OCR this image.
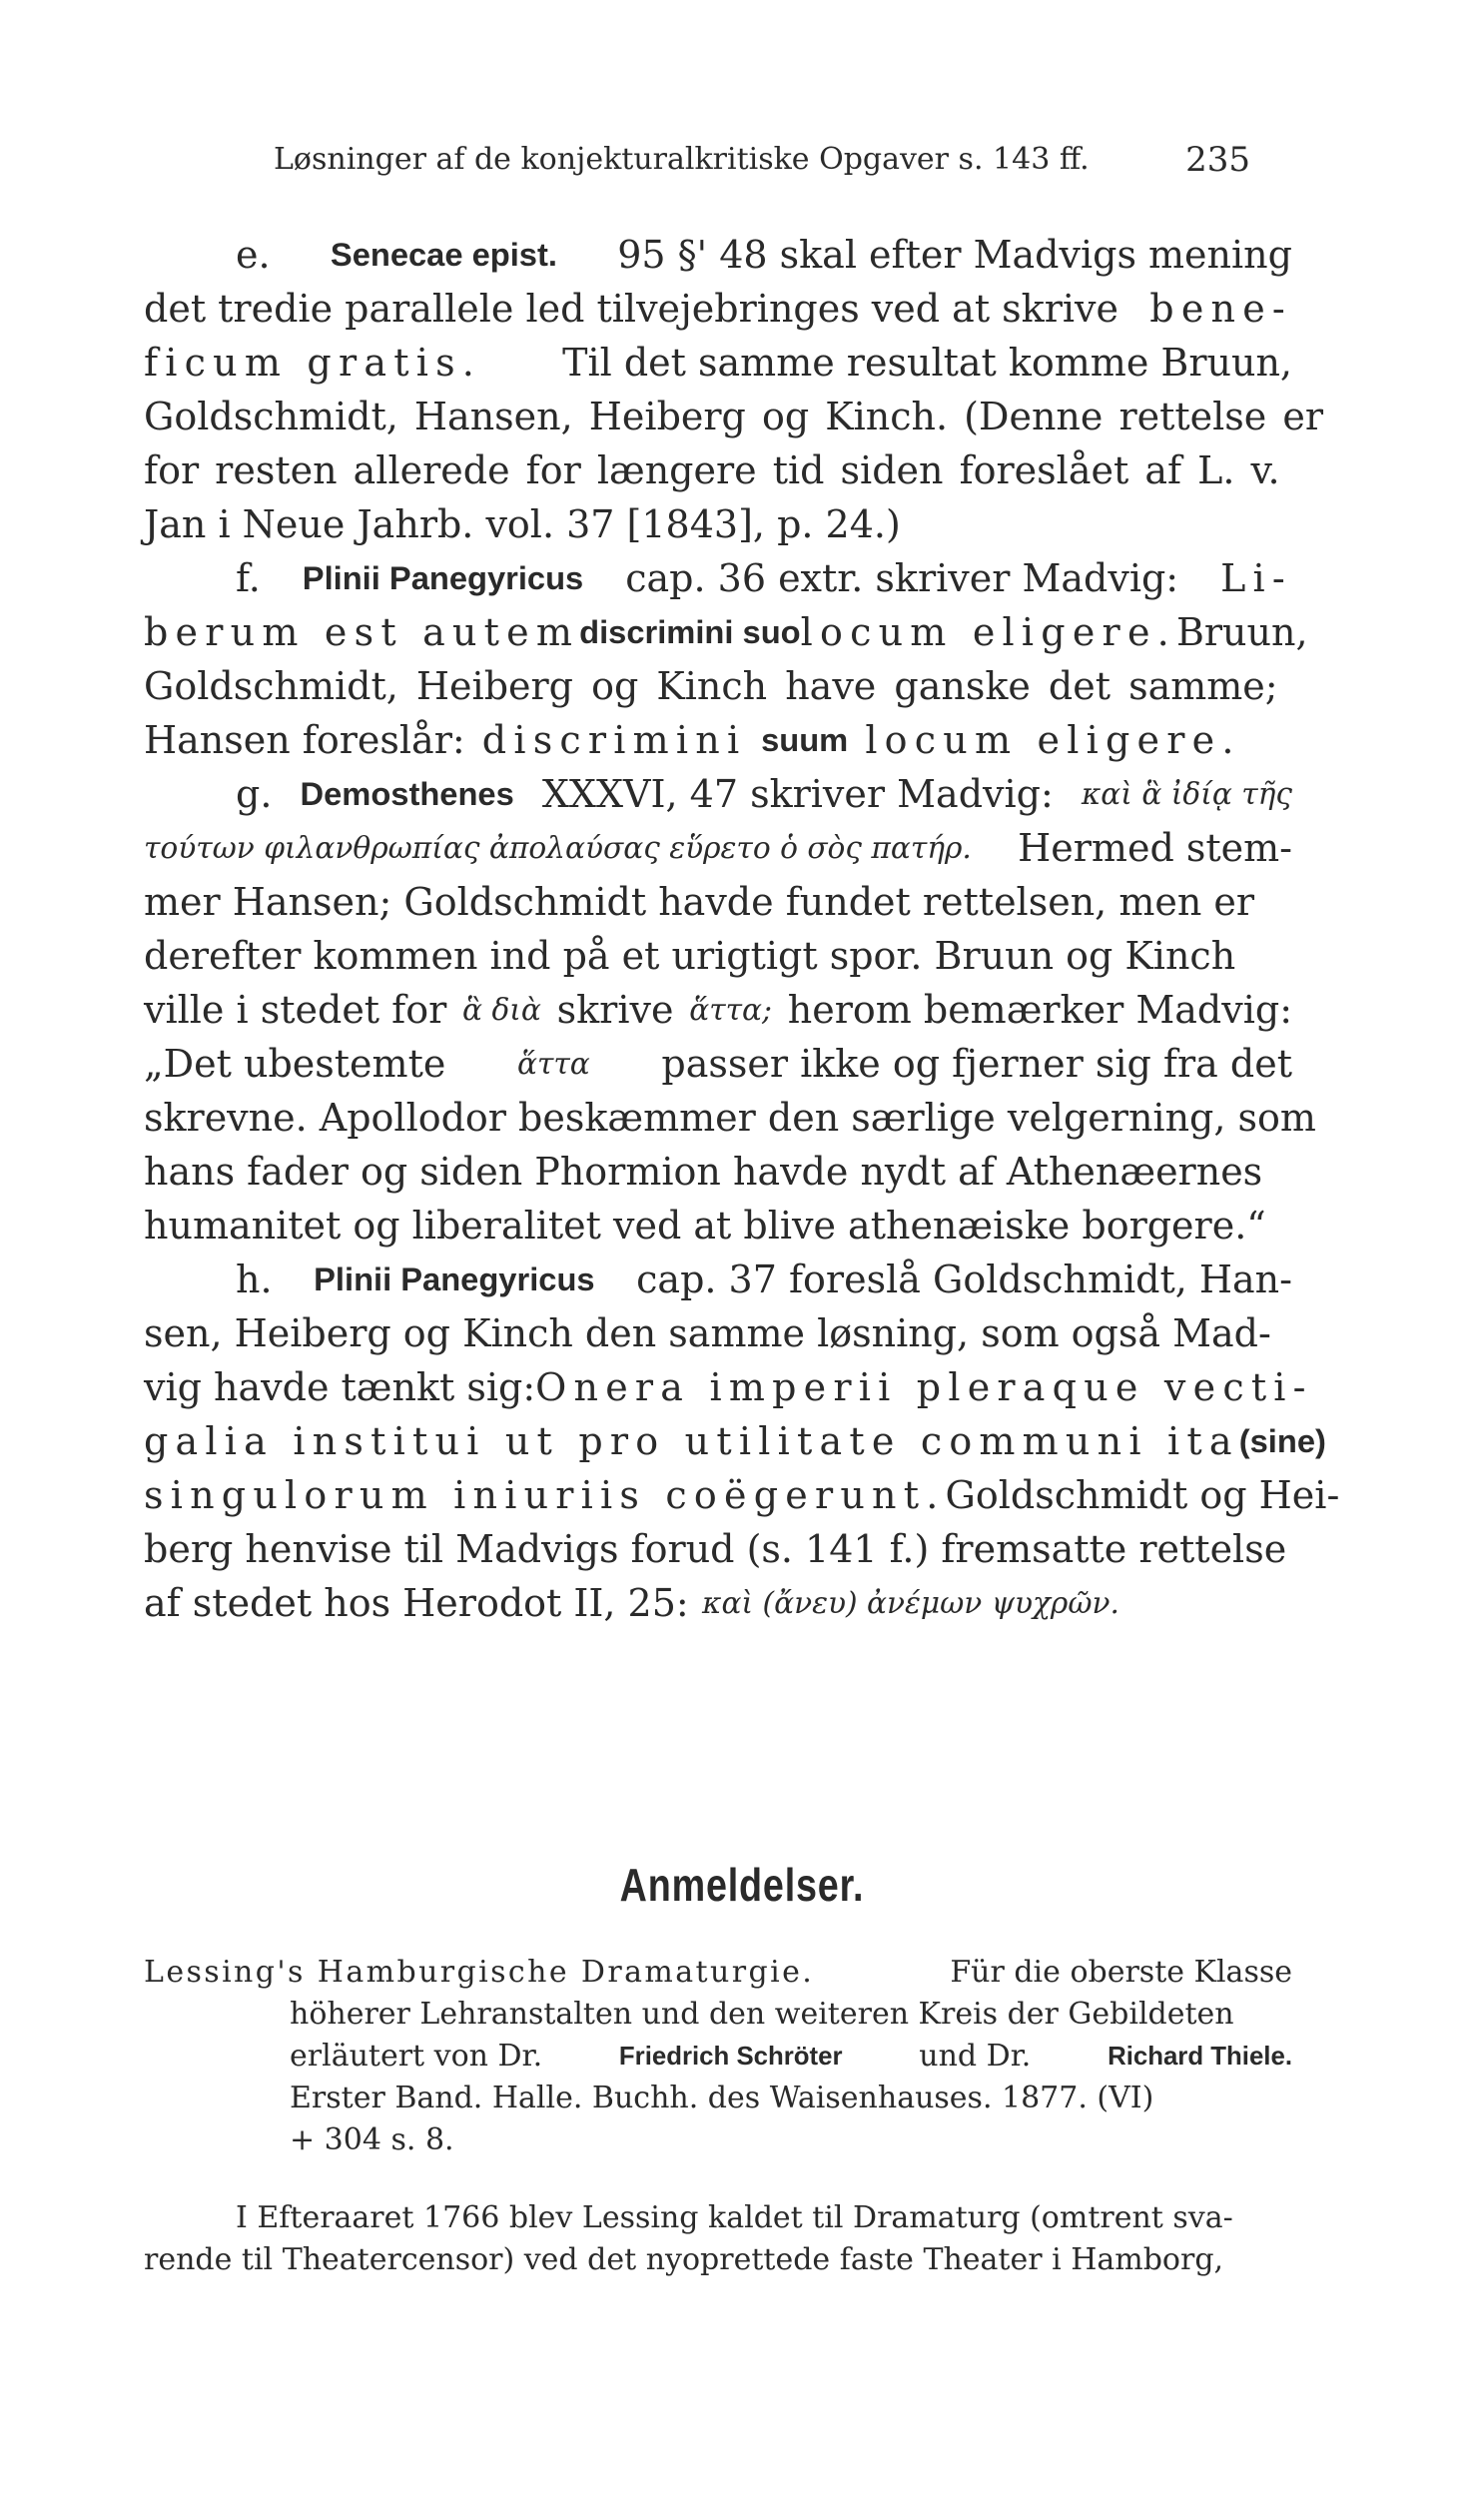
Løsninger af de konjekturalkritiske Opgaver s. 143 ff.	235
e. Senecae epist. 95 §' 48 skal efter Madvigs mening
det tredie parallele led tilvejebringes ved at skrive bene-
ficum gratis. Til det samme resultat komme Bruun,
Goldschmidt, Hansen, Heiberg og Kinch. (Denne rettelse er
for resten allerede for længere tid siden foreslået af L. v.
Jan i Neue Jahrb. vol. 37 [1843], p. 24.)
f. Plinii Panegyricus cap. 36 extr. skriver Madvig: Li-
berum est autem discrimini suo locum eligere. Bruun,
Goldschmidt, Heiberg og Kinch have ganske det samme;
Hansen foreslår: discrimini suum locum eligere.
g. Demosthenes XXXVI, 47 skriver Madvig: καὶ ἃ ἰδίᾳ τῆς
τούτων φιλανθρωπίας ἀπολαύσας εὕρετο ὁ σὸς πατήρ. Hermed stem-
mer Hansen; Goldschmidt havde fundet rettelsen, men er
derefter kommen ind på et urigtigt spor. Bruun og Kinch
ville i stedet for ἃ διὰ skrive ἅττα; herom bemærker Madvig:
„Det ubestemte ἅττα passer ikke og fjerner sig fra det
skrevne. Apollodor beskæmmer den særlige velgerning, som
hans fader og siden Phormion havde nydt af Athenæernes
humanitet og liberalitet ved at blive athenæiske borgere.“
h. Plinii Panegyricus cap. 37 foreslå Goldschmidt, Han-
sen, Heiberg og Kinch den samme løsning, som også Mad-
vig havde tænkt sig: Onera imperii pleraque vecti-
galia institui ut pro utilitate communi ita (sine)
singulorum iniuriis coëgerunt. Goldschmidt og Hei-
berg henvise til Madvigs forud (s. 141 f.) fremsatte rettelse
af stedet hos Herodot II, 25: καὶ (ἄνευ) ἀνέμων ψυχρῶν.
Anmeldelser.
Lessing's Hamburgische Dramaturgie.	Für die oberste Klasse
höherer Lehranstalten und den weiteren Kreis der Gebildeten
erläutert von Dr.	Friedrich Schröter	und Dr.	Richard Thiele.
Erster Band. Halle. Buchh. des Waisenhauses. 1877. (VI)
+ 304 s. 8.
I Efteraaret 1766 blev Lessing kaldet til Dramaturg (omtrent sva-
rende til Theatercensor) ved det nyoprettede faste Theater i Hamborg,
